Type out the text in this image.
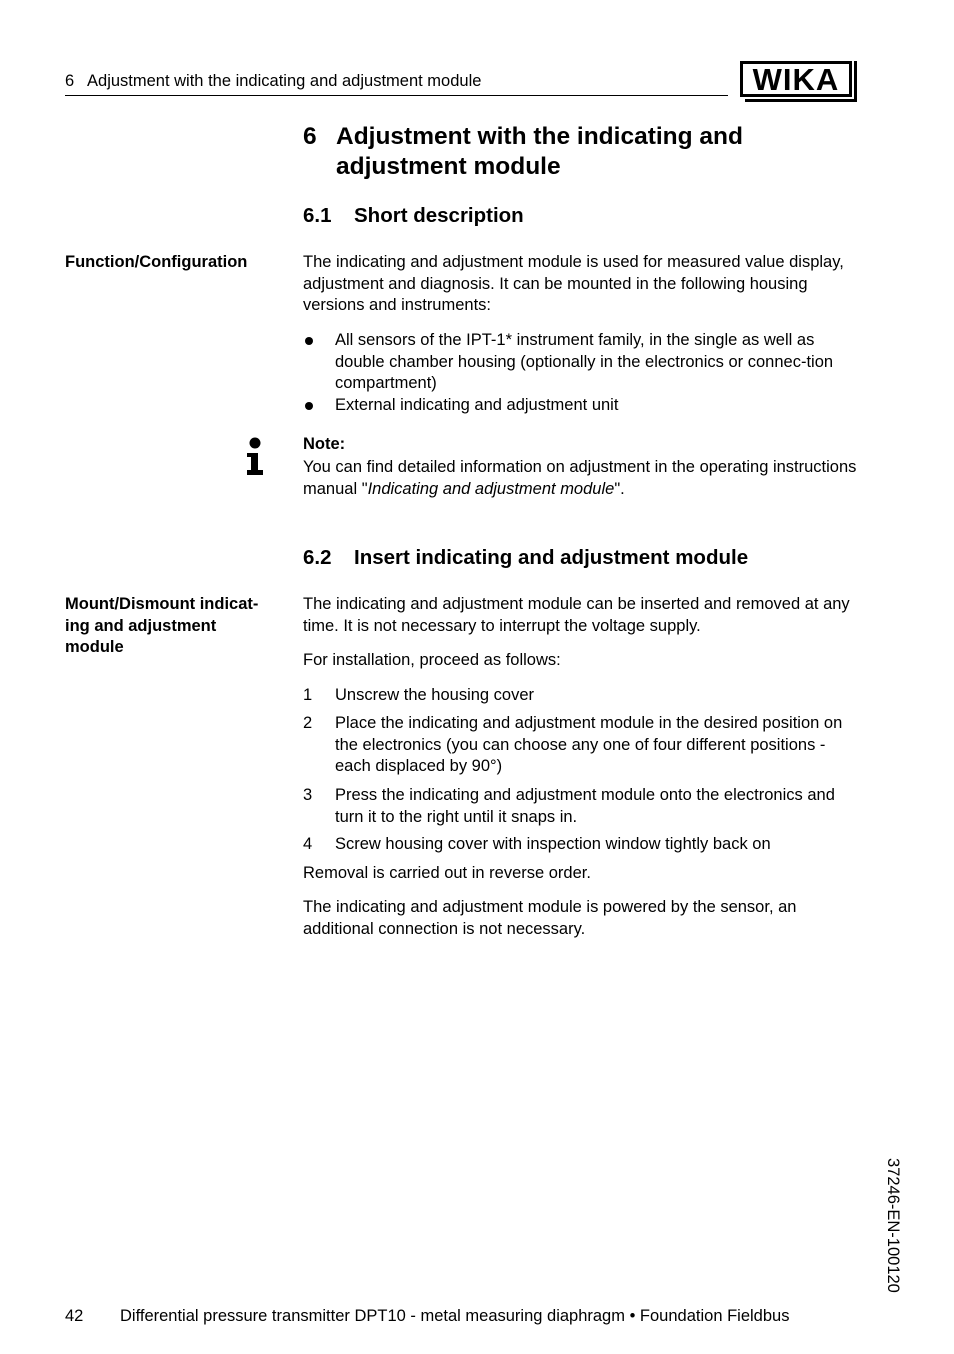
6   Adjustment with the indicating and adjustment module	WIKA
6 Adjustment with the indicating and
adjustment module
6.1 Short description
Function/Configuration	The indicating and adjustment module is used for measured value display, adjustment and diagnosis. It can be mounted in the following housing versions and instruments:
All sensors of the IPT-1* instrument family, in the single as well as double chamber housing (optionally in the electronics or connec-tion compartment)
External indicating and adjustment unit
Note:
You can find detailed information on adjustment in the operating instructions manual "Indicating and adjustment module".
6.2 Insert indicating and adjustment module
Mount/Dismount indicat-
ing and adjustment
module
The indicating and adjustment module can be inserted and removed at any time. It is not necessary to interrupt the voltage supply.
For installation, proceed as follows:
1 Unscrew the housing cover
2 Place the indicating and adjustment module in the desired position on the electronics (you can choose any one of four different positions - each displaced by 90°)
3 Press the indicating and adjustment module onto the electronics and turn it to the right until it snaps in.
4 Screw housing cover with inspection window tightly back on
Removal is carried out in reverse order.
The indicating and adjustment module is powered by the sensor, an additional connection is not necessary.
37246-EN-100120
42 Differential pressure transmitter DPT10 - metal measuring diaphragm • Foundation Fieldbus
